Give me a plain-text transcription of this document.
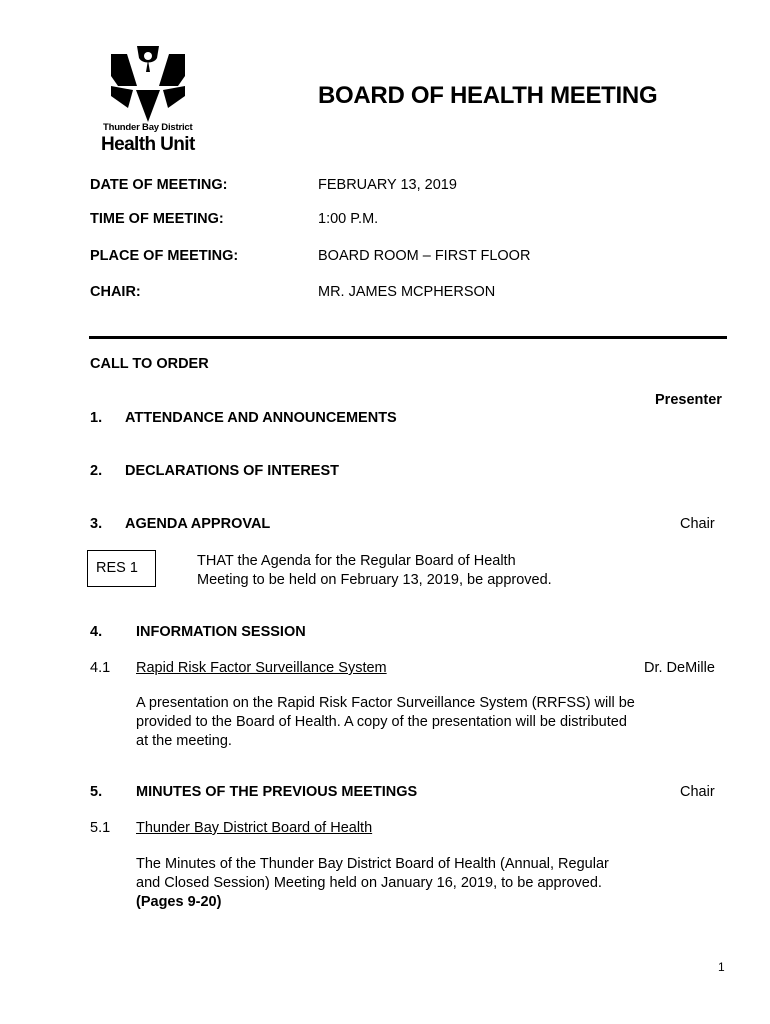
Thunder Bay District
Health Unit
BOARD OF HEALTH MEETING
DATE OF MEETING:	FEBRUARY 13, 2019
TIME OF MEETING:	1:00 P.M.
PLACE OF MEETING:	BOARD ROOM – FIRST FLOOR
CHAIR:	MR. JAMES MCPHERSON
CALL TO ORDER
Presenter
1. ATTENDANCE AND ANNOUNCEMENTS
2. DECLARATIONS OF INTEREST
3. AGENDA APPROVAL	Chair
RES 1	THAT the Agenda for the Regular Board of Health
Meeting to be held on February 13, 2019, be approved.
4. INFORMATION SESSION
4.1 Rapid Risk Factor Surveillance System	Dr. DeMille
A presentation on the Rapid Risk Factor Surveillance System (RRFSS) will be
provided to the Board of Health. A copy of the presentation will be distributed
at the meeting.
5. MINUTES OF THE PREVIOUS MEETINGS	Chair
5.1 Thunder Bay District Board of Health
The Minutes of the Thunder Bay District Board of Health (Annual, Regular
and Closed Session) Meeting held on January 16, 2019, to be approved.
(Pages 9-20)
1
